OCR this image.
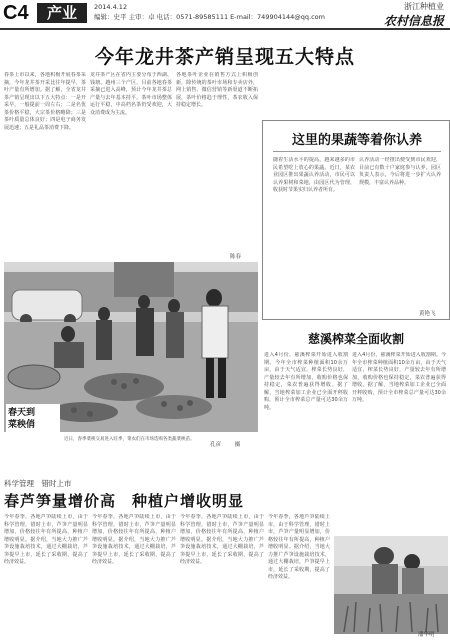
C4	产业	2014.4.12
编辑：史平 主审：卓 电话：0571-89585111 E-mail：749904144@qq.com
浙江种植业
农村信息报
今年龙井茶产销呈现五大特点
春茶上市以来，各地积极开展春茶采摘，今年龙井茶开采比往年提早，茶叶产量有所增加。据了解，全省龙井茶产销呈现出以下五大特点：一是开采早，一般提前一周左右；二是名优茶价格平稳，大宗茶价格略降；三是茶叶质量总体良好；四是电子商务发展迅速；五是礼品茶消费下降。
龙井茶产区在省内主要分布于西湖、钱塘、越州三个产区，目前各地春茶采摘已进入高峰，预计今年龙井茶总产量与去年基本持平。茶叶市场整体运行平稳，中高档名茶仍受欢迎，大众消费成为主流。
各地茶叶企业在销售方式上积极创新，除传统的茶叶市场和专卖店外，网上销售、微信营销等新渠道不断拓展，茶叶价格趋于理性，茶农收入保持稳定增长。
陈春
这里的果蔬等着你认养
随着生活水平的提高，越来越多的市民希望吃上放心的果蔬。近日，某农业园区推出果蔬认养活动，市民可以认养果树和菜地，由园区代为管理，收获时节果实归认养者所有。
认养活动一经推出便受到市民欢迎，目前已有数十户家庭参与认养。园区负责人表示，今后将进一步扩大认养规模，丰富认养品种。
黄艳飞
春天到
菜秧俏
近日，春季菜秧交易进入旺季，菜农们在市场选购各类蔬菜秧苗。
孔彦	摄
慈溪榨菜全面收割
进入4月份，慈溪榨菜开始进入收割期。今年全市榨菜种植面积10余万亩，由于天气适宜，榨菜长势良好，产量较去年有所增加，收购价格也保持稳定，菜农普遍获得增收。据了解，当地榨菜加工企业已全面开秤收购，预计全市榨菜总产量可达30余万吨。
进入4月份，慈溪榨菜开始进入收割期。今年全市榨菜种植面积10余万亩，由于天气适宜，榨菜长势良好，产量较去年有所增加，收购价格也保持稳定，菜农普遍获得增收。据了解，当地榨菜加工企业已全面开秤收购，预计全市榨菜总产量可达30余万吨。
科学管理　错时上市
春芦笋量增价高　种植户增收明显
今年春季，各地芦笋陆续上市，由于科学管理，错时上市，芦笋产量明显增加，价格较往年有所提高，种植户增收明显。据介绍，当地大力推广芦笋设施栽培技术，通过大棚栽培，芦笋提早上市，延长了采收期，提高了经济效益。
今年春季，各地芦笋陆续上市，由于科学管理，错时上市，芦笋产量明显增加，价格较往年有所提高，种植户增收明显。据介绍，当地大力推广芦笋设施栽培技术，通过大棚栽培，芦笋提早上市，延长了采收期，提高了经济效益。
今年春季，各地芦笋陆续上市，由于科学管理，错时上市，芦笋产量明显增加，价格较往年有所提高，种植户增收明显。据介绍，当地大力推广芦笋设施栽培技术，通过大棚栽培，芦笋提早上市，延长了采收期，提高了经济效益。
今年春季，各地芦笋陆续上市，由于科学管理，错时上市，芦笋产量明显增加，价格较往年有所提高，种植户增收明显。据介绍，当地大力推广芦笋设施栽培技术，通过大棚栽培，芦笋提早上市，延长了采收期，提高了经济效益。
潘华明
